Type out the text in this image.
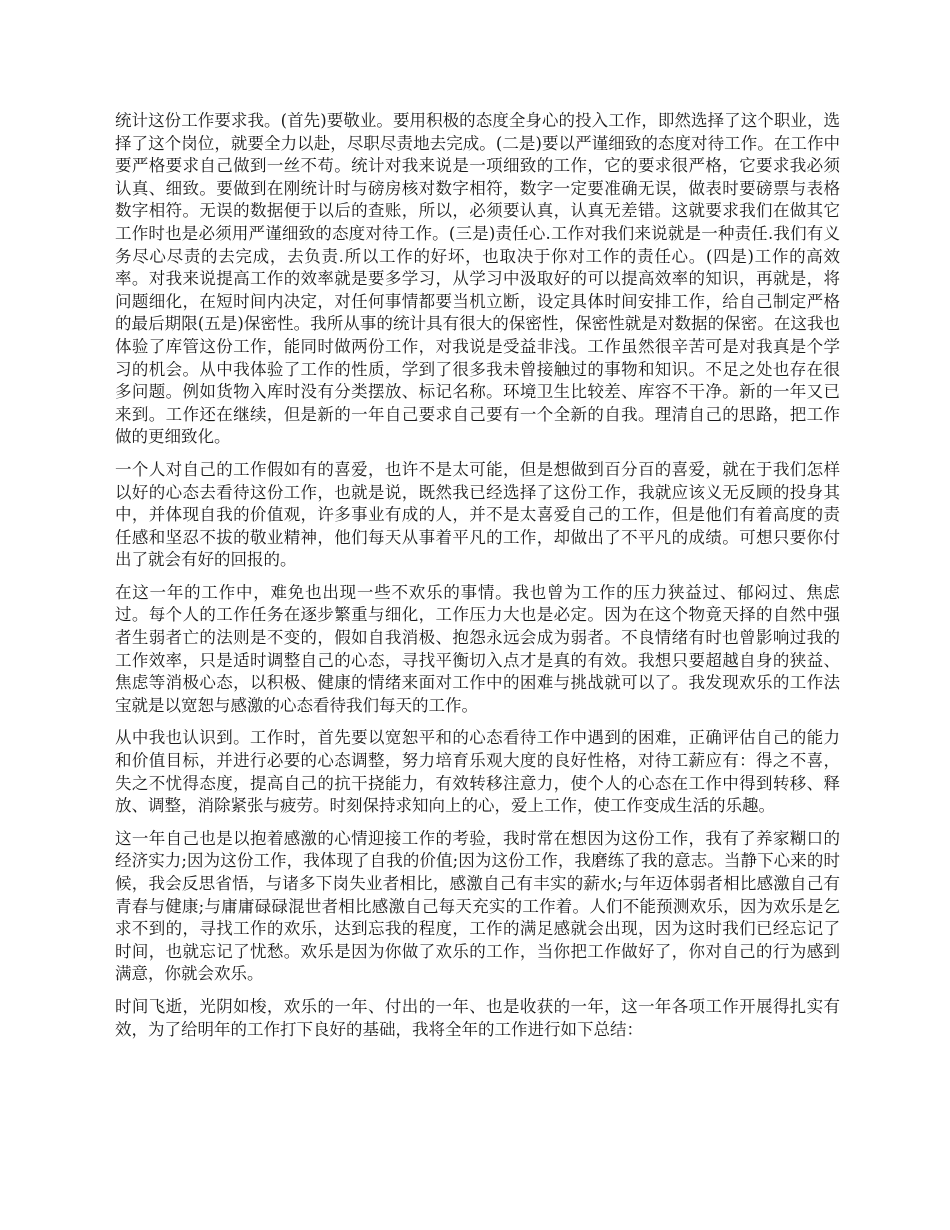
统计这份工作要求我。(首先)要敬业。要用积极的态度全身心的投入工作，即然选择了这个职业，选择了这个岗位，就要全力以赴，尽职尽责地去完成。(二是)要以严谨细致的态度对待工作。在工作中要严格要求自己做到一丝不苟。统计对我来说是一项细致的工作，它的要求很严格，它要求我必须认真、细致。要做到在刚统计时与磅房核对数字相符，数字一定要准确无误，做表时要磅票与表格数字相符。无误的数据便于以后的查账，所以，必须要认真，认真无差错。这就要求我们在做其它工作时也是必须用严谨细致的态度对待工作。(三是)责任心.工作对我们来说就是一种责任.我们有义务尽心尽责的去完成，去负责.所以工作的好坏，也取决于你对工作的责任心。(四是)工作的高效率。对我来说提高工作的效率就是要多学习，从学习中汲取好的可以提高效率的知识，再就是，将问题细化，在短时间内决定，对任何事情都要当机立断，设定具体时间安排工作，给自己制定严格的最后期限(五是)保密性。我所从事的统计具有很大的保密性，保密性就是对数据的保密。在这我也体验了库管这份工作，能同时做两份工作，对我说是受益非浅。工作虽然很辛苦可是对我真是个学习的机会。从中我体验了工作的性质，学到了很多我未曾接触过的事物和知识。不足之处也存在很多问题。例如货物入库时没有分类摆放、标记名称。环境卫生比较差、库容不干净。新的一年又已来到。工作还在继续，但是新的一年自己要求自己要有一个全新的自我。理清自己的思路，把工作做的更细致化。

一个人对自己的工作假如有的喜爱，也许不是太可能，但是想做到百分百的喜爱，就在于我们怎样以好的心态去看待这份工作，也就是说，既然我已经选择了这份工作，我就应该义无反顾的投身其中，并体现自我的价值观，许多事业有成的人，并不是太喜爱自己的工作，但是他们有着高度的责任感和坚忍不拔的敬业精神，他们每天从事着平凡的工作，却做出了不平凡的成绩。可想只要你付出了就会有好的回报的。

在这一年的工作中，难免也出现一些不欢乐的事情。我也曾为工作的压力狭益过、郁闷过、焦虑过。每个人的工作任务在逐步繁重与细化，工作压力大也是必定。因为在这个物竟天择的自然中强者生弱者亡的法则是不变的，假如自我消极、抱怨永远会成为弱者。不良情绪有时也曾影响过我的工作效率，只是适时调整自己的心态，寻找平衡切入点才是真的有效。我想只要超越自身的狭益、焦虑等消极心态，以积极、健康的情绪来面对工作中的困难与挑战就可以了。我发现欢乐的工作法宝就是以宽恕与感激的心态看待我们每天的工作。

从中我也认识到。工作时，首先要以宽恕平和的心态看待工作中遇到的困难，正确评估自己的能力和价值目标，并进行必要的心态调整，努力培育乐观大度的良好性格，对待工薪应有：得之不喜，失之不忧得态度，提高自己的抗干挠能力，有效转移注意力，使个人的心态在工作中得到转移、释放、调整，消除紧张与疲劳。时刻保持求知向上的心，爱上工作，使工作变成生活的乐趣。

这一年自己也是以抱着感激的心情迎接工作的考验，我时常在想因为这份工作，我有了养家糊口的经济实力;因为这份工作，我体现了自我的价值;因为这份工作，我磨练了我的意志。当静下心来的时候，我会反思省悟，与诸多下岗失业者相比，感激自己有丰实的薪水;与年迈体弱者相比感激自己有青春与健康;与庸庸碌碌混世者相比感激自己每天充实的工作着。人们不能预测欢乐，因为欢乐是乞求不到的，寻找工作的欢乐，达到忘我的程度，工作的满足感就会出现，因为这时我们已经忘记了时间，也就忘记了忧愁。欢乐是因为你做了欢乐的工作，当你把工作做好了，你对自己的行为感到满意，你就会欢乐。

时间飞逝，光阴如梭，欢乐的一年、付出的一年、也是收获的一年，这一年各项工作开展得扎实有效，为了给明年的工作打下良好的基础，我将全年的工作进行如下总结：
